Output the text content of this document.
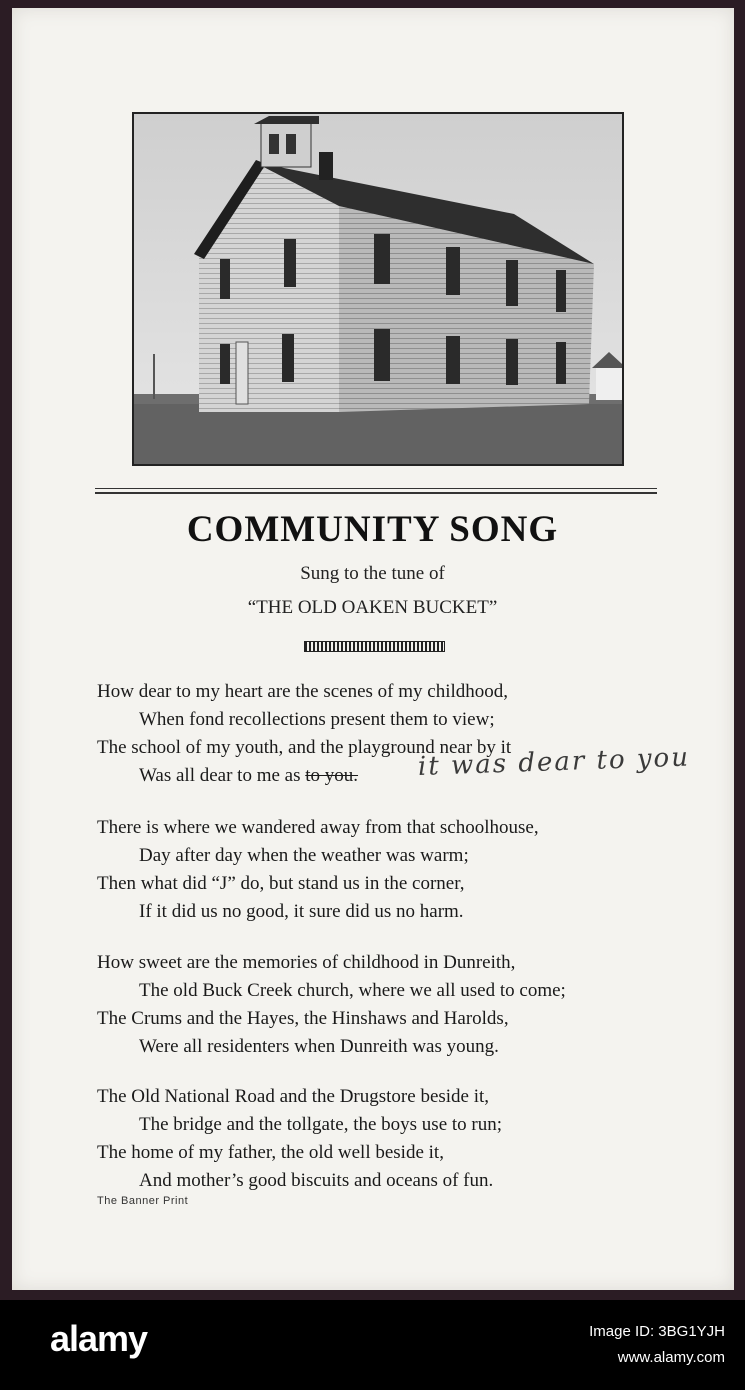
COMMUNITY SONG
Sung to the tune of
“THE OLD OAKEN BUCKET”
How dear to my heart are the scenes of my childhood,
When fond recollections present them to view;
The school of my youth, and the playground near by it
Was all dear to me as to you. it was dear to you
There is where we wandered away from that schoolhouse,
Day after day when the weather was warm;
Then what did “J” do, but stand us in the corner,
If it did us no good, it sure did us no harm.
How sweet are the memories of childhood in Dunreith,
The old Buck Creek church, where we all used to come;
The Crums and the Hayes, the Hinshaws and Harolds,
Were all residenters when Dunreith was young.
The Old National Road and the Drugstore beside it,
The bridge and the tollgate, the boys use to run;
The home of my father, the old well beside it,
And mother’s good biscuits and oceans of fun.
The Banner Print
alamy	Image ID: 3BG1YJH
www.alamy.com
